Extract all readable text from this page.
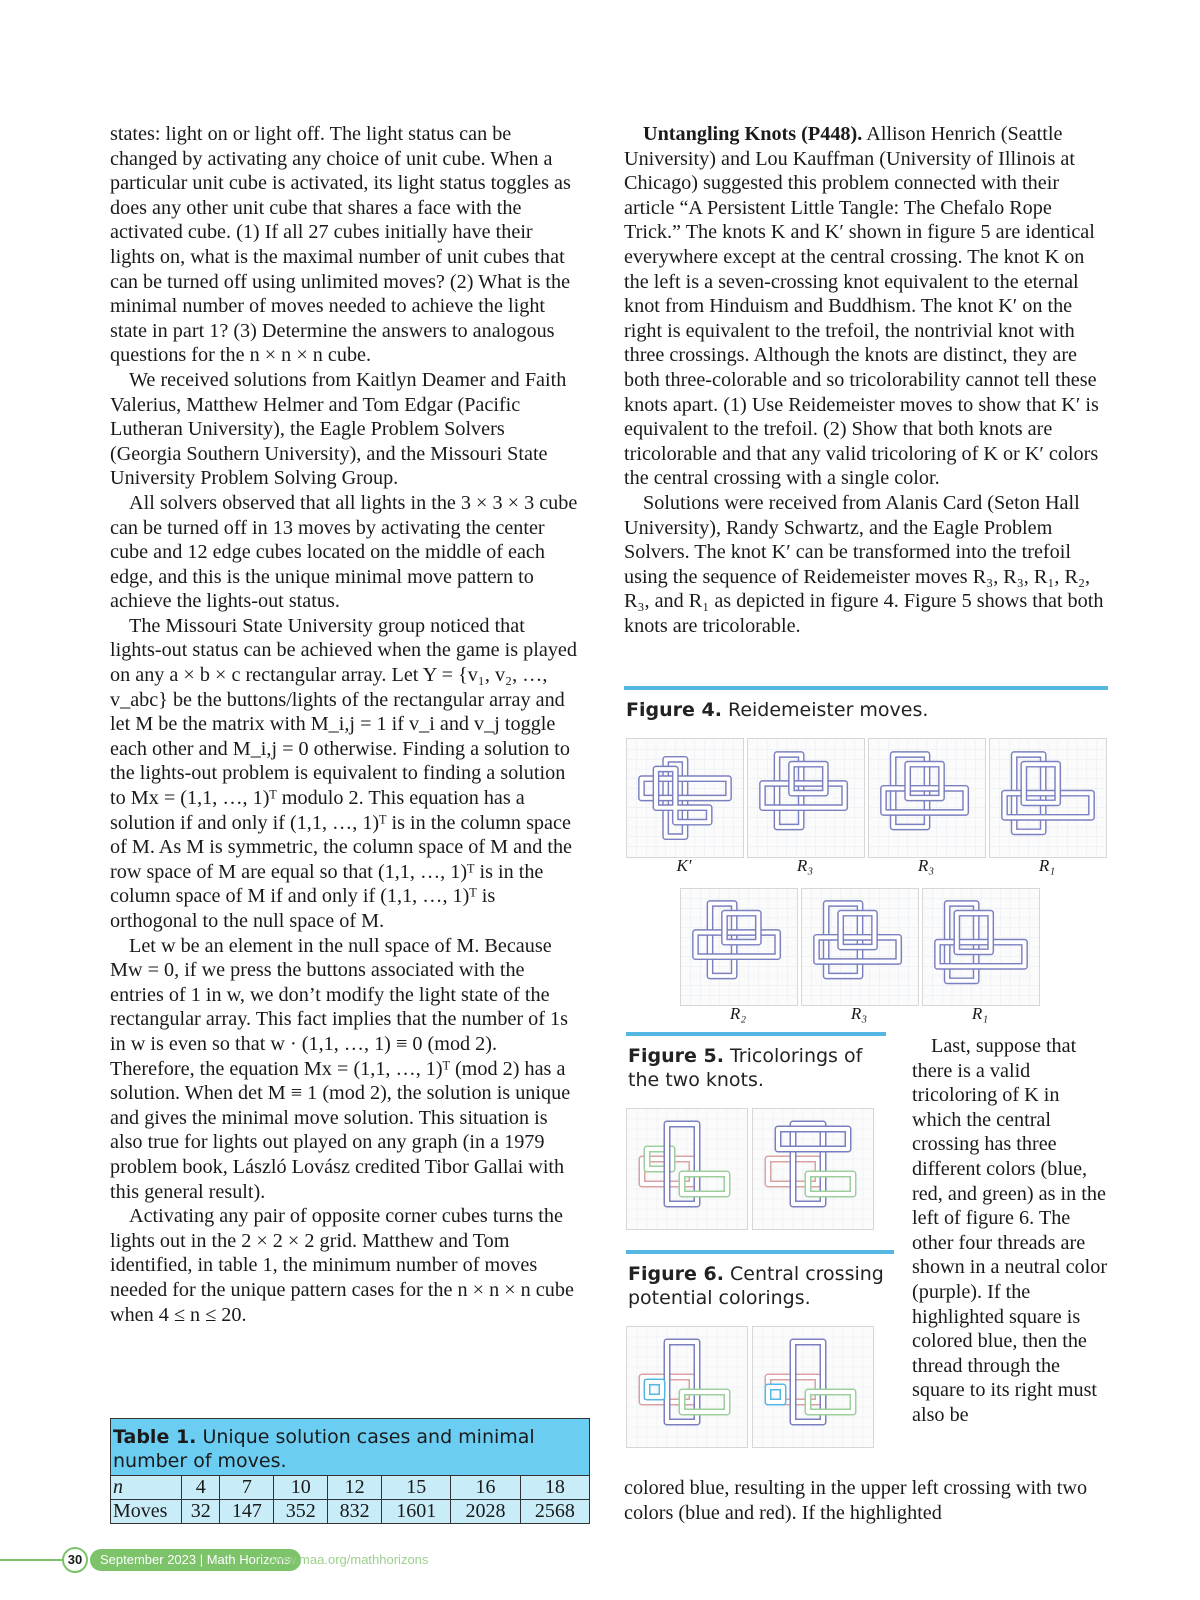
states: light on or light off. The light status can be changed by activating any choice of unit cube. When a particular unit cube is activated, its light status toggles as does any other unit cube that shares a face with the activated cube. (1) If all 27 cubes initially have their lights on, what is the maximal number of unit cubes that can be turned off using unlimited moves? (2) What is the minimal number of moves needed to achieve the light state in part 1? (3) Determine the answers to analogous questions for the n × n × n cube.

We received solutions from Kaitlyn Deamer and Faith Valerius, Matthew Helmer and Tom Edgar (Pacific Lutheran University), the Eagle Problem Solvers (Georgia Southern University), and the Missouri State University Problem Solving Group.

All solvers observed that all lights in the 3 × 3 × 3 cube can be turned off in 13 moves by activating the center cube and 12 edge cubes located on the middle of each edge, and this is the unique minimal move pattern to achieve the lights-out status.

The Missouri State University group noticed that lights-out status can be achieved when the game is played on any a × b × c rectangular array. Let Y = {v₁, v₂, …, v_abc} be the buttons/lights of the rectangular array and let M be the matrix with M_i,j = 1 if v_i and v_j toggle each other and M_i,j = 0 otherwise. Finding a solution to the lights-out problem is equivalent to finding a solution to Mx = (1,1, …, 1)ᵀ modulo 2. This equation has a solution if and only if (1,1, …, 1)ᵀ is in the column space of M. As M is symmetric, the column space of M and the row space of M are equal so that (1,1, …, 1)ᵀ is in the column space of M if and only if (1,1, …, 1)ᵀ is orthogonal to the null space of M.

Let w be an element in the null space of M. Because Mw = 0, if we press the buttons associated with the entries of 1 in w, we don’t modify the light state of the rectangular array. This fact implies that the number of 1s in w is even so that w · (1,1, …, 1) ≡ 0 (mod 2). Therefore, the equation Mx = (1,1, …, 1)ᵀ (mod 2) has a solution. When det M ≡ 1 (mod 2), the solution is unique and gives the minimal move solution. This situation is also true for lights out played on any graph (in a 1979 problem book, László Lovász credited Tibor Gallai with this general result).

Activating any pair of opposite corner cubes turns the lights out in the 2 × 2 × 2 grid. Matthew and Tom identified, in table 1, the minimum number of moves needed for the unique pattern cases for the n × n × n cube when 4 ≤ n ≤ 20.

Table 1. Unique solution cases and minimal number of moves.							
n	4	7	10	12	15	16	18
Moves	32	147	352	832	1601	2028	2568

Untangling Knots (P448). Allison Henrich (Seattle University) and Lou Kauffman (University of Illinois at Chicago) suggested this problem connected with their article “A Persistent Little Tangle: The Chefalo Rope Trick.” The knots K and K′ shown in figure 5 are identical everywhere except at the central crossing. The knot K on the left is a seven-crossing knot equivalent to the eternal knot from Hinduism and Buddhism. The knot K′ on the right is equivalent to the trefoil, the nontrivial knot with three crossings. Although the knots are distinct, they are both three-colorable and so tricolorability cannot tell these knots apart. (1) Use Reidemeister moves to show that K′ is equivalent to the trefoil. (2) Show that both knots are tricolorable and that any valid tricoloring of K or K′ colors the central crossing with a single color.

Solutions were received from Alanis Card (Seton Hall University), Randy Schwartz, and the Eagle Problem Solvers. The knot K′ can be transformed into the trefoil using the sequence of Reidemeister moves R₃, R₃, R₁, R₂, R₃, and R₁ as depicted in figure 4. Figure 5 shows that both knots are tricolorable.

Figure 4. Reidemeister moves.
K′	R₃	R₃	R₁
R₂	R₃	R₁
Figure 5. Tricolorings of the two knots.
Figure 6. Central crossing potential colorings.

Last, suppose that there is a valid tricoloring of K in which the central crossing has three different colors (blue, red, and green) as in the left of figure 6. The other four threads are shown in a neutral color (purple). If the highlighted square is colored blue, then the thread through the square to its right must also be

colored blue, resulting in the upper left crossing with two colors (blue and red). If the highlighted

30	September 2023 | Math Horizons
www.maa.org/mathhorizons
